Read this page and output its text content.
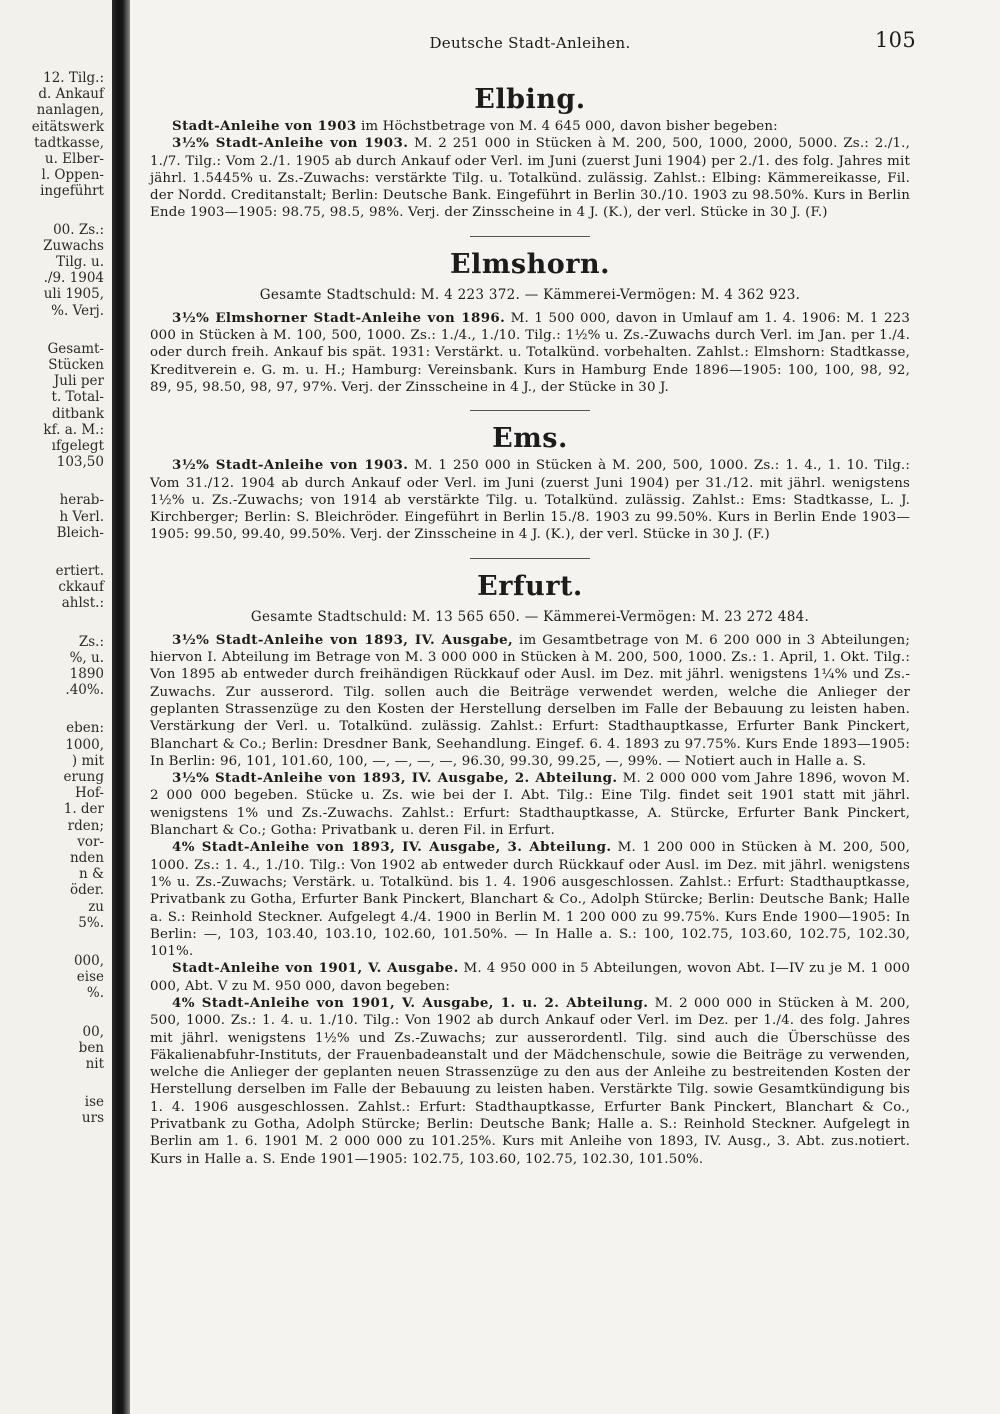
12. Tilg.:
d. Ankauf
nanlagen,
eitätswerk
tadtkasse,
u. Elber-
l. Oppen-
ingeführt
00. Zs.:
Zuwachs
Tilg. u.
./9. 1904
uli 1905,
%. Verj.
Gesamt-
Stücken
Juli per
t. Total-
ditbank
kf. a. M.:
ıfgelegt
103,50
herab-
h Verl.
Bleich-
ertiert.
ckkauf
ahlst.:
Zs.:
%, u.
1890
.40%.
eben:
1000,
) mit
erung
Hof-
1. der
rden;
vor-
nden
n &
öder.
zu
5%.
000,
eise
%.
00,
ben
nit
ise
urs
Deutsche Stadt-Anleihen.	105
Elbing.

Stadt-Anleihe von 1903 im Höchstbetrage von M. 4 645 000, davon bisher begeben:

3½% Stadt-Anleihe von 1903. M. 2 251 000 in Stücken à M. 200, 500, 1000, 2000, 5000. Zs.: 2./1., 1./7. Tilg.: Vom 2./1. 1905 ab durch Ankauf oder Verl. im Juni (zuerst Juni 1904) per 2./1. des folg. Jahres mit jährl. 1.5445% u. Zs.-Zuwachs: verstärkte Tilg. u. Totalkünd. zulässig. Zahlst.: Elbing: Kämmereikasse, Fil. der Nordd. Creditanstalt; Berlin: Deutsche Bank. Eingeführt in Berlin 30./10. 1903 zu 98.50%. Kurs in Berlin Ende 1903—1905: 98.75, 98.5, 98%. Verj. der Zinsscheine in 4 J. (K.), der verl. Stücke in 30 J. (F.)

Elmshorn.
Gesamte Stadtschuld: M. 4 223 372. — Kämmerei-Vermögen: M. 4 362 923.

3½% Elmshorner Stadt-Anleihe von 1896. M. 1 500 000, davon in Umlauf am 1. 4. 1906: M. 1 223 000 in Stücken à M. 100, 500, 1000. Zs.: 1./4., 1./10. Tilg.: 1½% u. Zs.-Zuwachs durch Verl. im Jan. per 1./4. oder durch freih. Ankauf bis spät. 1931: Verstärkt. u. Totalkünd. vorbehalten. Zahlst.: Elmshorn: Stadtkasse, Kreditverein e. G. m. u. H.; Hamburg: Vereinsbank. Kurs in Hamburg Ende 1896—1905: 100, 100, 98, 92, 89, 95, 98.50, 98, 97, 97%. Verj. der Zinsscheine in 4 J., der Stücke in 30 J.

Ems.

3½% Stadt-Anleihe von 1903. M. 1 250 000 in Stücken à M. 200, 500, 1000. Zs.: 1. 4., 1. 10. Tilg.: Vom 31./12. 1904 ab durch Ankauf oder Verl. im Juni (zuerst Juni 1904) per 31./12. mit jährl. wenigstens 1½% u. Zs.-Zuwachs; von 1914 ab verstärkte Tilg. u. Totalkünd. zulässig. Zahlst.: Ems: Stadtkasse, L. J. Kirchberger; Berlin: S. Bleichröder. Eingeführt in Berlin 15./8. 1903 zu 99.50%. Kurs in Berlin Ende 1903—1905: 99.50, 99.40, 99.50%. Verj. der Zinsscheine in 4 J. (K.), der verl. Stücke in 30 J. (F.)

Erfurt.
Gesamte Stadtschuld: M. 13 565 650. — Kämmerei-Vermögen: M. 23 272 484.

3½% Stadt-Anleihe von 1893, IV. Ausgabe, im Gesamtbetrage von M. 6 200 000 in 3 Abteilungen; hiervon I. Abteilung im Betrage von M. 3 000 000 in Stücken à M. 200, 500, 1000. Zs.: 1. April, 1. Okt. Tilg.: Von 1895 ab entweder durch freihändigen Rückkauf oder Ausl. im Dez. mit jährl. wenigstens 1¼% und Zs.-Zuwachs. Zur ausserord. Tilg. sollen auch die Beiträge verwendet werden, welche die Anlieger der geplanten Strassenzüge zu den Kosten der Herstellung derselben im Falle der Bebauung zu leisten haben. Verstärkung der Verl. u. Totalkünd. zulässig. Zahlst.: Erfurt: Stadthauptkasse, Erfurter Bank Pinckert, Blanchart & Co.; Berlin: Dresdner Bank, Seehandlung. Eingef. 6. 4. 1893 zu 97.75%. Kurs Ende 1893—1905: In Berlin: 96, 101, 101.60, 100, —, —, —, —, 96.30, 99.30, 99.25, —, 99%. — Notiert auch in Halle a. S.

3½% Stadt-Anleihe von 1893, IV. Ausgabe, 2. Abteilung. M. 2 000 000 vom Jahre 1896, wovon M. 2 000 000 begeben. Stücke u. Zs. wie bei der I. Abt. Tilg.: Eine Tilg. findet seit 1901 statt mit jährl. wenigstens 1% und Zs.-Zuwachs. Zahlst.: Erfurt: Stadthauptkasse, A. Stürcke, Erfurter Bank Pinckert, Blanchart & Co.; Gotha: Privatbank u. deren Fil. in Erfurt.

4% Stadt-Anleihe von 1893, IV. Ausgabe, 3. Abteilung. M. 1 200 000 in Stücken à M. 200, 500, 1000. Zs.: 1. 4., 1./10. Tilg.: Von 1902 ab entweder durch Rückkauf oder Ausl. im Dez. mit jährl. wenigstens 1% u. Zs.-Zuwachs; Verstärk. u. Totalkünd. bis 1. 4. 1906 ausgeschlossen. Zahlst.: Erfurt: Stadthauptkasse, Privatbank zu Gotha, Erfurter Bank Pinckert, Blanchart & Co., Adolph Stürcke; Berlin: Deutsche Bank; Halle a. S.: Reinhold Steckner. Aufgelegt 4./4. 1900 in Berlin M. 1 200 000 zu 99.75%. Kurs Ende 1900—1905: In Berlin: —, 103, 103.40, 103.10, 102.60, 101.50%. — In Halle a. S.: 100, 102.75, 103.60, 102.75, 102.30, 101%.

Stadt-Anleihe von 1901, V. Ausgabe. M. 4 950 000 in 5 Abteilungen, wovon Abt. I—IV zu je M. 1 000 000, Abt. V zu M. 950 000, davon begeben:

4% Stadt-Anleihe von 1901, V. Ausgabe, 1. u. 2. Abteilung. M. 2 000 000 in Stücken à M. 200, 500, 1000. Zs.: 1. 4. u. 1./10. Tilg.: Von 1902 ab durch Ankauf oder Verl. im Dez. per 1./4. des folg. Jahres mit jährl. wenigstens 1½% und Zs.-Zuwachs; zur ausserordentl. Tilg. sind auch die Überschüsse des Fäkalienabfuhr-Instituts, der Frauenbadeanstalt und der Mädchenschule, sowie die Beiträge zu verwenden, welche die Anlieger der geplanten neuen Strassenzüge zu den aus der Anleihe zu bestreitenden Kosten der Herstellung derselben im Falle der Bebauung zu leisten haben. Verstärkte Tilg. sowie Gesamtkündigung bis 1. 4. 1906 ausgeschlossen. Zahlst.: Erfurt: Stadthauptkasse, Erfurter Bank Pinckert, Blanchart & Co., Privatbank zu Gotha, Adolph Stürcke; Berlin: Deutsche Bank; Halle a. S.: Reinhold Steckner. Aufgelegt in Berlin am 1. 6. 1901 M. 2 000 000 zu 101.25%. Kurs mit Anleihe von 1893, IV. Ausg., 3. Abt. zus.notiert. Kurs in Halle a. S. Ende 1901—1905: 102.75, 103.60, 102.75, 102.30, 101.50%.
